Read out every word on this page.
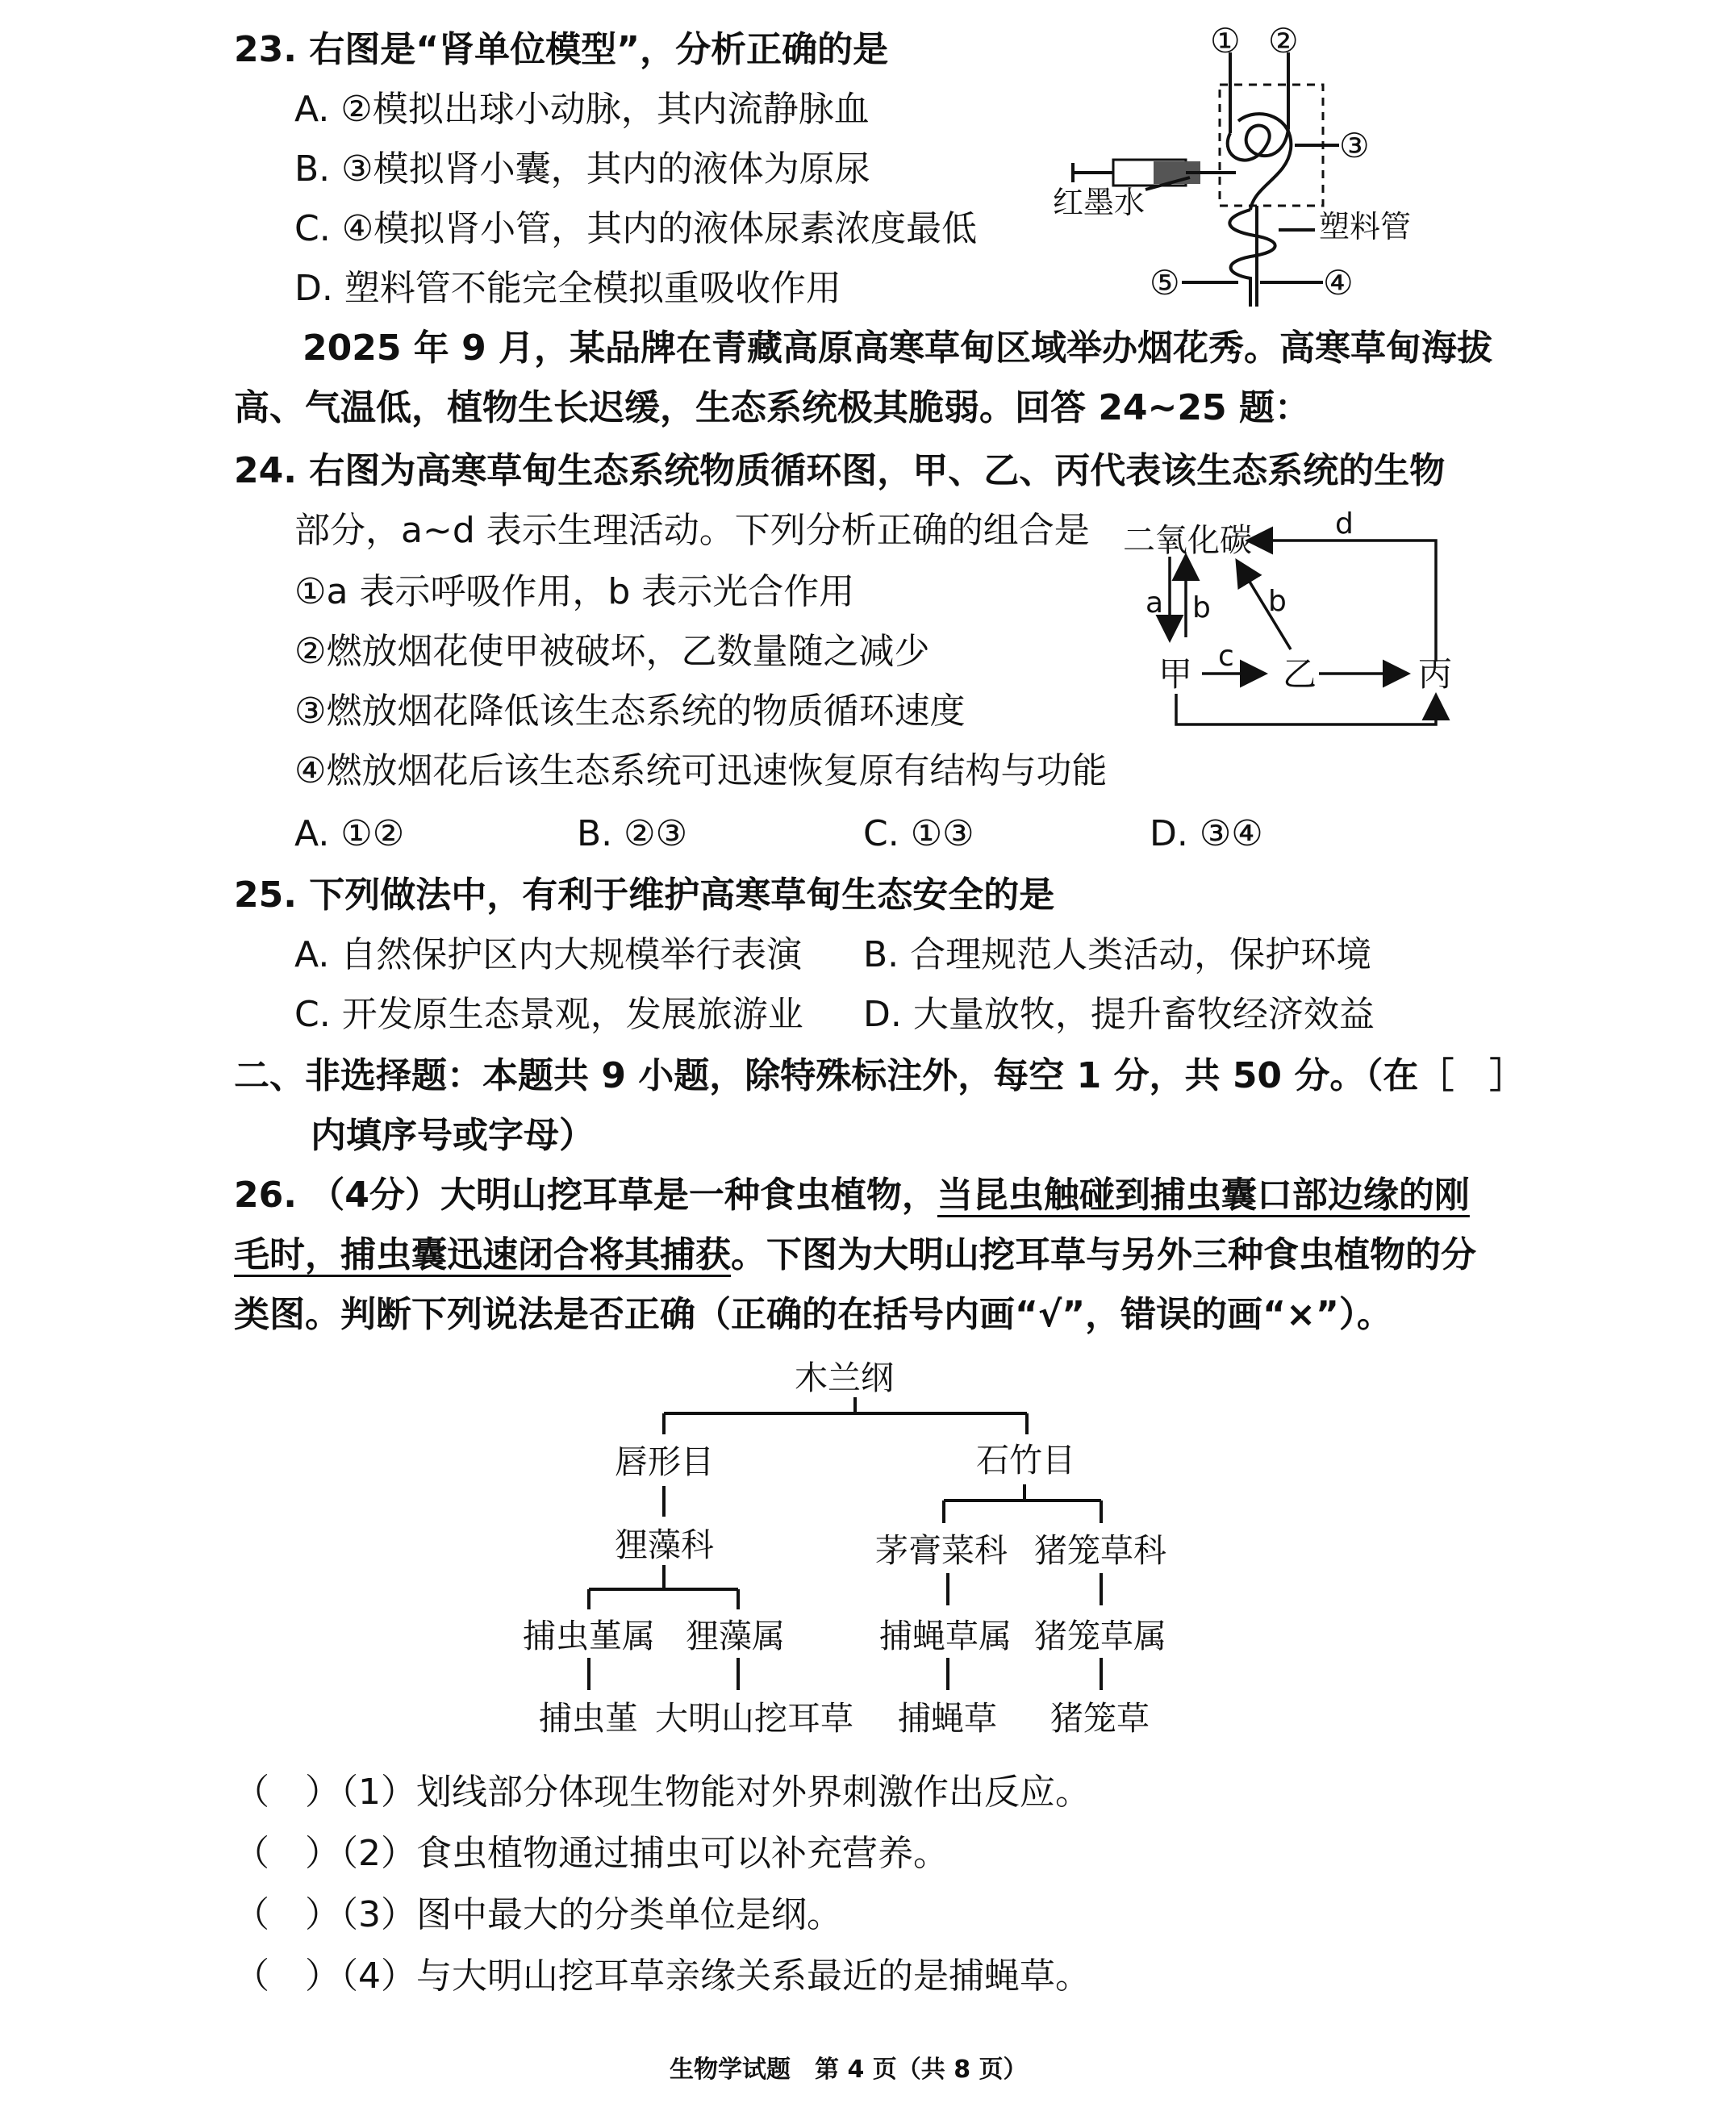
23. 右图是“肾单位模型”，分析正确的是
A. ②模拟出球小动脉，其内流静脉血
B. ③模拟肾小囊，其内的液体为原尿
C. ④模拟肾小管，其内的液体尿素浓度最低
D. 塑料管不能完全模拟重吸收作用
① ②
③
④
⑤
红墨水
塑料管
2025 年 9 月，某品牌在青藏高原高寒草甸区域举办烟花秀。高寒草甸海拔
高、气温低，植物生长迟缓，生态系统极其脆弱。回答 24~25 题：
24. 右图为高寒草甸生态系统物质循环图，甲、乙、丙代表该生态系统的生物
部分，a~d 表示生理活动。下列分析正确的组合是
①a 表示呼吸作用，b 表示光合作用
②燃放烟花使甲被破坏，乙数量随之减少
③燃放烟花降低该生态系统的物质循环速度
④燃放烟花后该生态系统可迅速恢复原有结构与功能
A. ①②	B. ②③	C. ①③	D. ③④
二氧化碳	d
a b b
c
甲	乙	丙
25. 下列做法中，有利于维护高寒草甸生态安全的是
A. 自然保护区内大规模举行表演 B. 合理规范人类活动，保护环境
C. 开发原生态景观，发展旅游业 D. 大量放牧，提升畜牧经济效益
二、非选择题：本题共 9 小题，除特殊标注外，每空 1 分，共 50 分。（在［　］
内填序号或字母）
26. （4分）大明山挖耳草是一种食虫植物，当昆虫触碰到捕虫囊口部边缘的刚
毛时，捕虫囊迅速闭合将其捕获。下图为大明山挖耳草与另外三种食虫植物的分
类图。判断下列说法是否正确（正确的在括号内画“√”，错误的画“×”）。
木兰纲
唇形目	石竹目
狸藻科	茅膏菜科 猪笼草科
捕虫堇属 狸藻属	捕蝇草属 猪笼草属
捕虫堇 大明山挖耳草 捕蝇草 猪笼草
（　）（1）划线部分体现生物能对外界刺激作出反应。
（　）（2）食虫植物通过捕虫可以补充营养。
（　）（3）图中最大的分类单位是纲。
（　）（4）与大明山挖耳草亲缘关系最近的是捕蝇草。
生物学试题　第 4 页（共 8 页）
